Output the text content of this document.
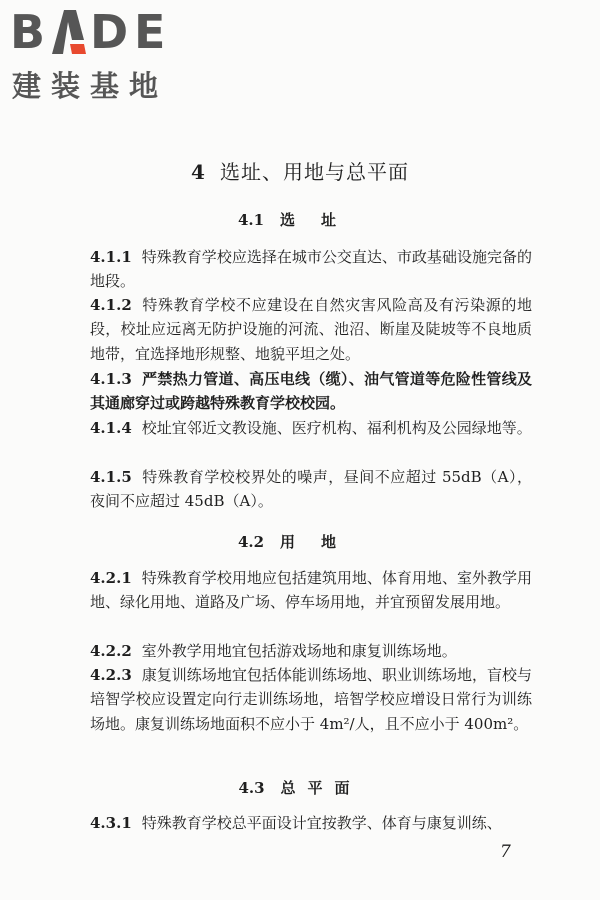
B D E
建装基地
4 选址、用地与总平面
4.1 选址
4.1.1 特殊教育学校应选择在城市公交直达、市政基础设施完备的地段。
4.1.2 特殊教育学校不应建设在自然灾害风险高及有污染源的地段，校址应远离无防护设施的河流、池沼、断崖及陡坡等不良地质地带，宜选择地形规整、地貌平坦之处。
4.1.3 严禁热力管道、高压电线（缆）、油气管道等危险性管线及其通廊穿过或跨越特殊教育学校校园。
4.1.4 校址宜邻近文教设施、医疗机构、福利机构及公园绿地等。
4.1.5 特殊教育学校校界处的噪声，昼间不应超过 55dB（A），夜间不应超过 45dB（A）。
4.2 用地
4.2.1 特殊教育学校用地应包括建筑用地、体育用地、室外教学用地、绿化用地、道路及广场、停车场用地，并宜预留发展用地。
4.2.2 室外教学用地宜包括游戏场地和康复训练场地。
4.2.3 康复训练场地宜包括体能训练场地、职业训练场地，盲校与培智学校应设置定向行走训练场地，培智学校应增设日常行为训练场地。康复训练场地面积不应小于 4m²/人，且不应小于 400m²。
4.3 总平面
4.3.1 特殊教育学校总平面设计宜按教学、体育与康复训练、
7
